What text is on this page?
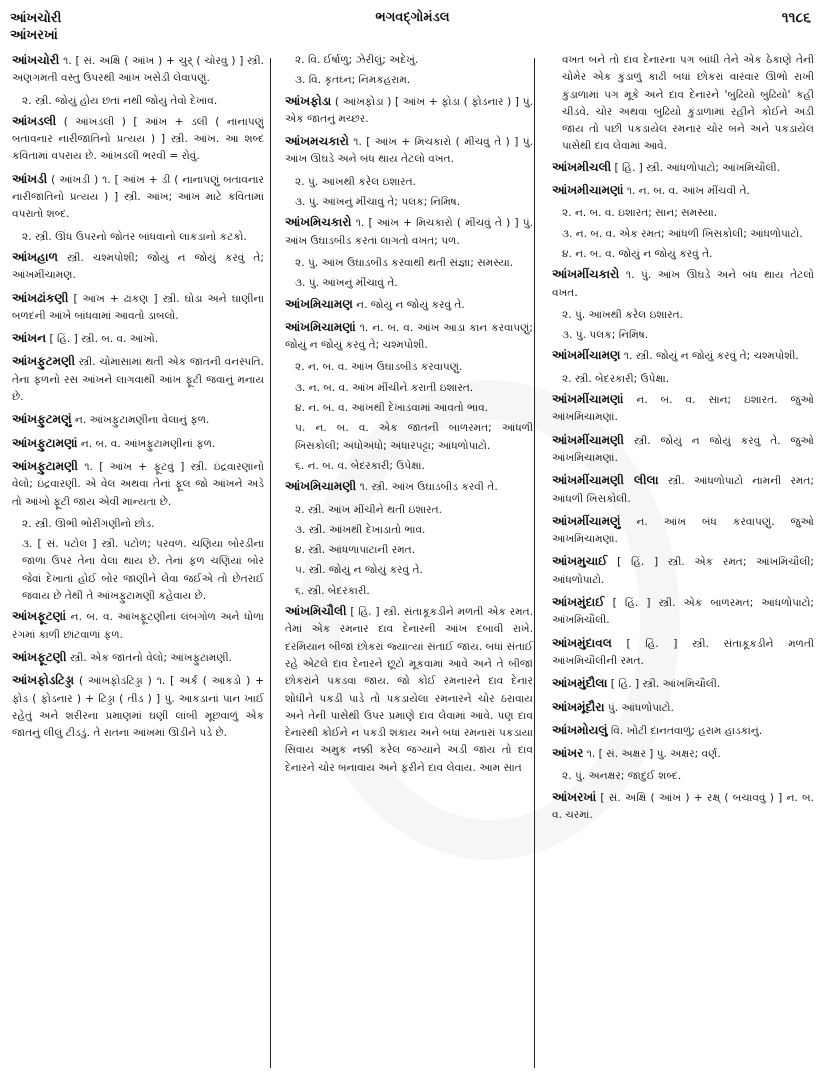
આંખચોરી
આંખરખાં
ભગવદ્ગોમંડલ	૧૧૮૬

આંખચોરી ૧. [ સં. અક્ષિ ( આંખ ) + ચુર્ ( ચોરવું ) ] સ્ત્રી. અણગમતી વસ્તુ ઉપરથી આંખ ખસેડી લેવાપણું.

૨. સ્ત્રી. જોયું હોય છતાં નથી જોયું તેવો દેખાવ.

આંખડલી ( આંખડલી ) [ આંખ + ડલી ( નાનાપણું બતાવનાર નારીજાતિનો પ્રત્યય ) ] સ્ત્રી. આંખ. આ શબ્દ કવિતામાં વપરાય છે. આંખડલી ભરવી = રોવું.

આંખડી ( આંખડી ) ૧. [ આંખ + ડી ( નાનાપણું બતાવનાર નારીજાતિનો પ્રત્યય ) ] સ્ત્રી. આંખ; આંખ માટે કવિતામાં વપરાતો શબ્દ.

૨. સ્ત્રી. ઊંધ ઉપરનો જોતર બાંધવાનો લાકડાનો કટકો.

આંખહાળ સ્ત્રી. ચશ્મપોશી; જોયું ન જોયું કરવું તે; આંખમીંચામણ.

આંખઢાંકણી [ આંખ + ઢાંકણ ] સ્ત્રી. ઘોડા અને ઘાણીના બળદની આંખે બાંધવામાં આવતો ડાબલો.

આંખન [ હિં. ] સ્ત્રી. બ. વ. આંખો.

આંખફુટમણી સ્ત્રી. ચોમાસામાં થતી એક જાતની વનસ્પતિ. તેના ફળનો રસ આંખને લાગવાથી આંખ ફૂટી જવાનું મનાય છે.

આંખફુટમણું ન. આંખફુટામણીના વેલાનું ફળ.

આંખફુટામણાં ન. બ. વ. આંખફુટામણીનાં ફળ.

આંખફુટામણી ૧. [ આંખ + ફૂટવું ] સ્ત્રી. ઇંદ્રવારણાંનો વેલો; ઇંદ્રવારણી. એ વેલ અથવા તેનાં ફૂલ જો આંખને અડે તો આંખો ફૂટી જાય એવી માન્યતા છે.

૨. સ્ત્રી. ઊભી ભોરીંગણીનો છોડ.

૩. [ સં. પટોલ ] સ્ત્રી. પટોળ; પરવળ. ચણિયા બોરડીના જાળા ઉપર તેના વેલા થાય છે. તેનાં ફળ ચણિયાં બોર જેવાં દેખાતાં હોઈ બોર જાણીને લેવા જઈએ તો છેતરાઈ જવાય છે તેથી તે આંખફુટામણી કહેવાય છે.

આંખફૂટણાં ન. બ. વ. આંખફૂટણીનાં લંબગોળ અને ધોળા રંગમાં કાળી છાંટવાળાં ફળ.

આંખફૂટણી સ્ત્રી. એક જાતનો વેલો; આંખફુટામણી.

આંખફોડટિડ્ડા ( આંખફોડટિડ્ડા ) ૧. [ અર્ક ( આકડો ) + ફોડ ( ફોડનાર ) + ટિડ્ડા ( તીડ ) ] પું. આકડાનાં પાન ખાઈ રહેતું અને શરીરના પ્રમાણમાં ઘણી લાંબી મૂછવાળું એક જાતનું લીલું ટીડડું. તે રાતના આંખમાં ઊડીને પડે છે.

૨. વિ. ઈર્ષાળુ; ઝેરીલું; અદેખું.

૩. વિ. કૃતઘ્ન; નિમકહરામ.

આંખફોડા ( આંખફોડા ) [ આંખ + ફોડા ( ફોડનાર ) ] પું. એક જાતનું મચ્છર.

આંખમચકારો ૧. [ આંખ + મિચકારો ( મીંચવું તે ) ] પું. આંખ ઊઘડે અને બંધ થાય તેટલો વખત.

૨. પું. આંખથી કરેલ ઇશારત.

૩. પું. આંખનું મીંચાવું તે; પલક; નિમિષ.

આંખમિચકારો ૧. [ આંખ + મિચકારો ( મીંચવું તે ) ] પું. આંખ ઉઘાડબીડ કરતાં લાગતો વખત; પળ.

૨. પું. આંખ ઉઘાડબીડ કરવાથી થતી સંજ્ઞા; સમસ્યા.

૩. પું. આંખનું મીંચાવું તે.

આંખમિચામણ ન. જોયું ન જોયું કરવું તે.

આંખમિચામણાં ૧. ન. બ. વ. આંખ આડા કાન કરવાપણું; જોયું ન જોયું કરવું તે; ચશ્મપોશી.

૨. ન. બ. વ. આંખ ઉઘાડબીડ કરવાપણું.

૩. ન. બ. વ. આંખ મીંચીને કરાતી ઇશારત.

૪. ન. બ. વ. આંખથી દેખાડવામાં આવતો ભાવ.

૫. ન. બ. વ. એક જાતની બાળરમત; આંધળી ખિસકોલી; અંધોઅંધો; અંધારપટ્ટા; આંધળોપાટો.

૬. ન. બ. વ. બેદરકારી; ઉપેક્ષા.

આંખમિચામણી ૧. સ્ત્રી. આંખ ઉઘાડબીડ કરવી તે.

૨. સ્ત્રી. આંખ મીંચીને થતી ઇશારત.

૩. સ્ત્રી. આંખથી દેખાડાતો ભાવ.

૪. સ્ત્રી. આંધળાપાટાની રમત.

૫. સ્ત્રી. જોયું ન જોયું કરવું તે.

૬. સ્ત્રી. બેદરકારી.

આંખમિચૌલી [ હિં. ] સ્ત્રી. સંતાકૂકડીને મળતી એક રમત. તેમાં એક રમનાર દાવ દેનારની આંખ દબાવી રાખે. દરમિયાન બીજાં છોકરાં જ્યાંત્યાં સંતાઈ જાય. બધાં સંતાઈ રહે એટલે દાવ દેનારને છૂટો મૂકવામાં આવે અને તે બીજાં છોકરાંને પકડવા જાય. જો કોઈ રમનારને દાવ દેનાર શોધીને પકડી પાડે તો પકડાયેલા રમનારને ચોર ઠરાવાય અને તેની પાસેથી ઉપર પ્રમાણે દાવ લેવામાં આવે. પણ દાવ દેનારથી કોઈને ન પકડી શકાય અને બધાં રમનારાં પકડાયા સિવાય અમુક નક્કી કરેલ જગ્યાને અડી જાય તો દાવ દેનારને ચોર બનાવાય અને ફરીને દાવ લેવાય. આમ સાત

વખત બને તો દાવ દેનારના પગ બાંધી તેને એક ઠેકાણે તેની ચોમેર એક કુંડાળું કાઢી બધાં છોકરાં વારંવાર ઊભો રાખી કુંડાળામાં પગ મૂકે અને દાવ દેનારને 'બુઢિયો બુઢિયો' કહી ચીડવે. ચોર અથવા બુઢિયો કુંડાળામાં રહીને કોઈને અડી જાય તો પછી પકડાયેલ રમનાર ચોર બને અને પકડાયેલ પાસેથી દાવ લેવામાં આવે.

આંખમીચલી [ હિં. ] સ્ત્રી. આંધળોપાટો; આંખમિચૌલી.

આંખમીચામણાં ૧. ન. બ. વ. આંખ મીંચવી તે.

૨. ન. બ. વ. ઇશારત; સાન; સમસ્યા.

૩. ન. બ. વ. એક રમત; આંધળી ખિસકોલી; આંધળોપાટો.

૪. ન. બ. વ. જોયું ન જોયું કરવું તે.

આંખમીંચકારો ૧. પું. આંખ ઊઘડે અને બંધ થાય તેટલો વખત.

૨. પું. આંખથી કરેલ ઇશારત.

૩. પું. પલક; નિમિષ.

આંખમીંચામણ ૧. સ્ત્રી. જોયું ન જોયું કરવું તે; ચશ્મપોશી.

૨. સ્ત્રી. બેદરકારી; ઉપેક્ષા.

આંખમીંચામણાં ન. બ. વ. સાન; ઇશારત. જુઓ આંખમિચામણાં.

આંખમીંચામણી સ્ત્રી. જોયું ન જોયું કરવું તે. જુઓ આંખમિચામણાં.

આંખમીંચામણી લીલા સ્ત્રી. આંધળોપાટો નામની રમત; આંધળી ખિસકોલી.

આંખમીંચામણું ન. આંખ બંધ કરવાપણું. જુઓ આંખમિચામણાં.

આંખમુચાઈ [ હિં. ] સ્ત્રી. એક રમત; આંખમિચૌલી; આંધળોપાટો.

આંખમુંદાઈ [ હિં. ] સ્ત્રી. એક બાળરમત; આંધળોપાટો; આંખમિચૌલી.

આંખમુંદાવલ [ હિં. ] સ્ત્રી. સંતાકૂકડીને મળતી આંખમિચૌલીની રમત.

આંખમુંદૌલા [ હિં. ] સ્ત્રી. આંખમિચૌલી.

આંખમૂંદૌરા પું. આંધળોપાટો.

આંખમોયલું વિ. ખોટી દાનતવાળું; હરામ હાડકાંનું.

આંખર ૧. [ સં. અક્ષર ] પું. અક્ષર; વર્ણ.

૨. પું. અનક્ષર; જાદુઈ શબ્દ.

આંખરખાં [ સં. અક્ષિ ( આંખ ) + રક્ષ્ ( બચાવવું ) ] ન. બ. વ. ચરમાં.
